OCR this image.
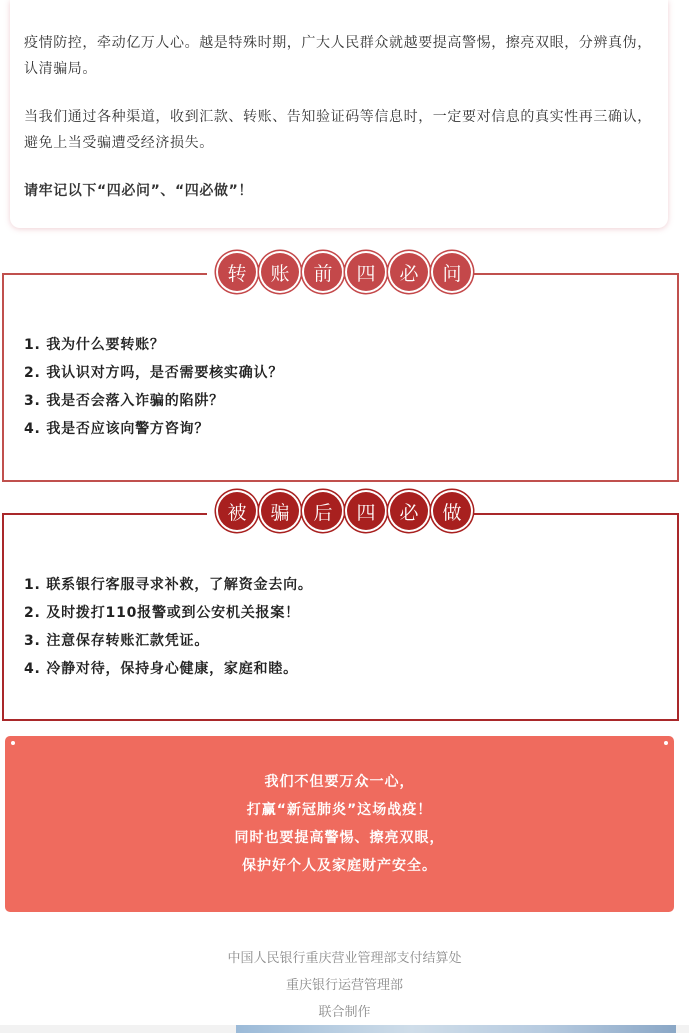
疫情防控，牵动亿万人心。越是特殊时期，广大人民群众就越要提高警惕，擦亮双眼，分辨真伪，认清骗局。

当我们通过各种渠道，收到汇款、转账、告知验证码等信息时，一定要对信息的真实性再三确认，避免上当受骗遭受经济损失。

请牢记以下“四必问”、“四必做”！

1. 我为什么要转账？
2. 我认识对方吗，是否需要核实确认？
3. 我是否会落入诈骗的陷阱？
4. 我是否应该向警方咨询？
转	账	前	四	必	问
1. 联系银行客服寻求补救，了解资金去向。
2. 及时拨打110报警或到公安机关报案！
3. 注意保存转账汇款凭证。
4. 冷静对待，保持身心健康，家庭和睦。
被	骗	后	四	必	做
我们不但要万众一心，
打赢“新冠肺炎”这场战疫！
同时也要提高警惕、擦亮双眼，
保护好个人及家庭财产安全。
中国人民银行重庆营业管理部支付结算处
重庆银行运营管理部
联合制作
